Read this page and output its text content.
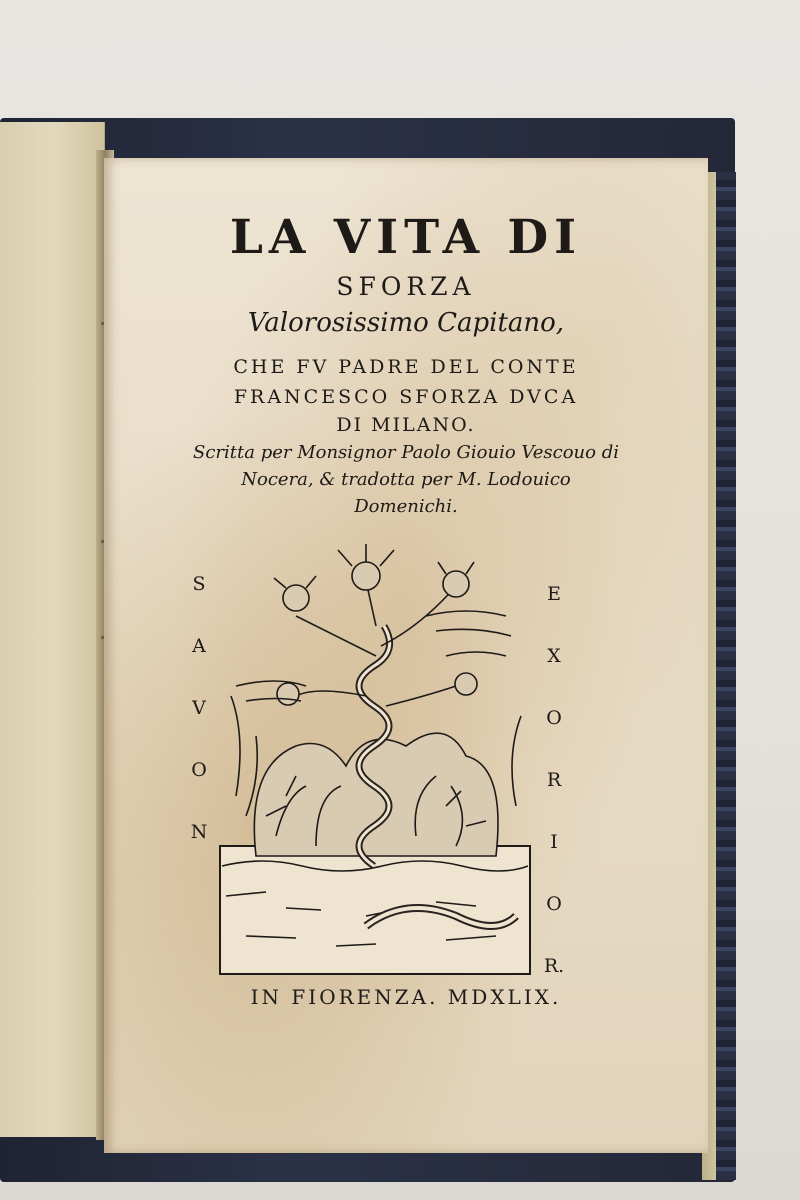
LA VITA DI
SFORZA
Valorosissimo Capitano,
CHE FV PADRE DEL CONTE
FRANCESCO SFORZA DVCA
DI MILANO.
Scritta per Monsignor Paolo Giouio Vescouo di
Nocera, & tradotta per M. Lodouico
Domenichi.
S
A
V
O
N
E
X
O
R
I
O
R.
IN FIORENZA. MDXLIX.
